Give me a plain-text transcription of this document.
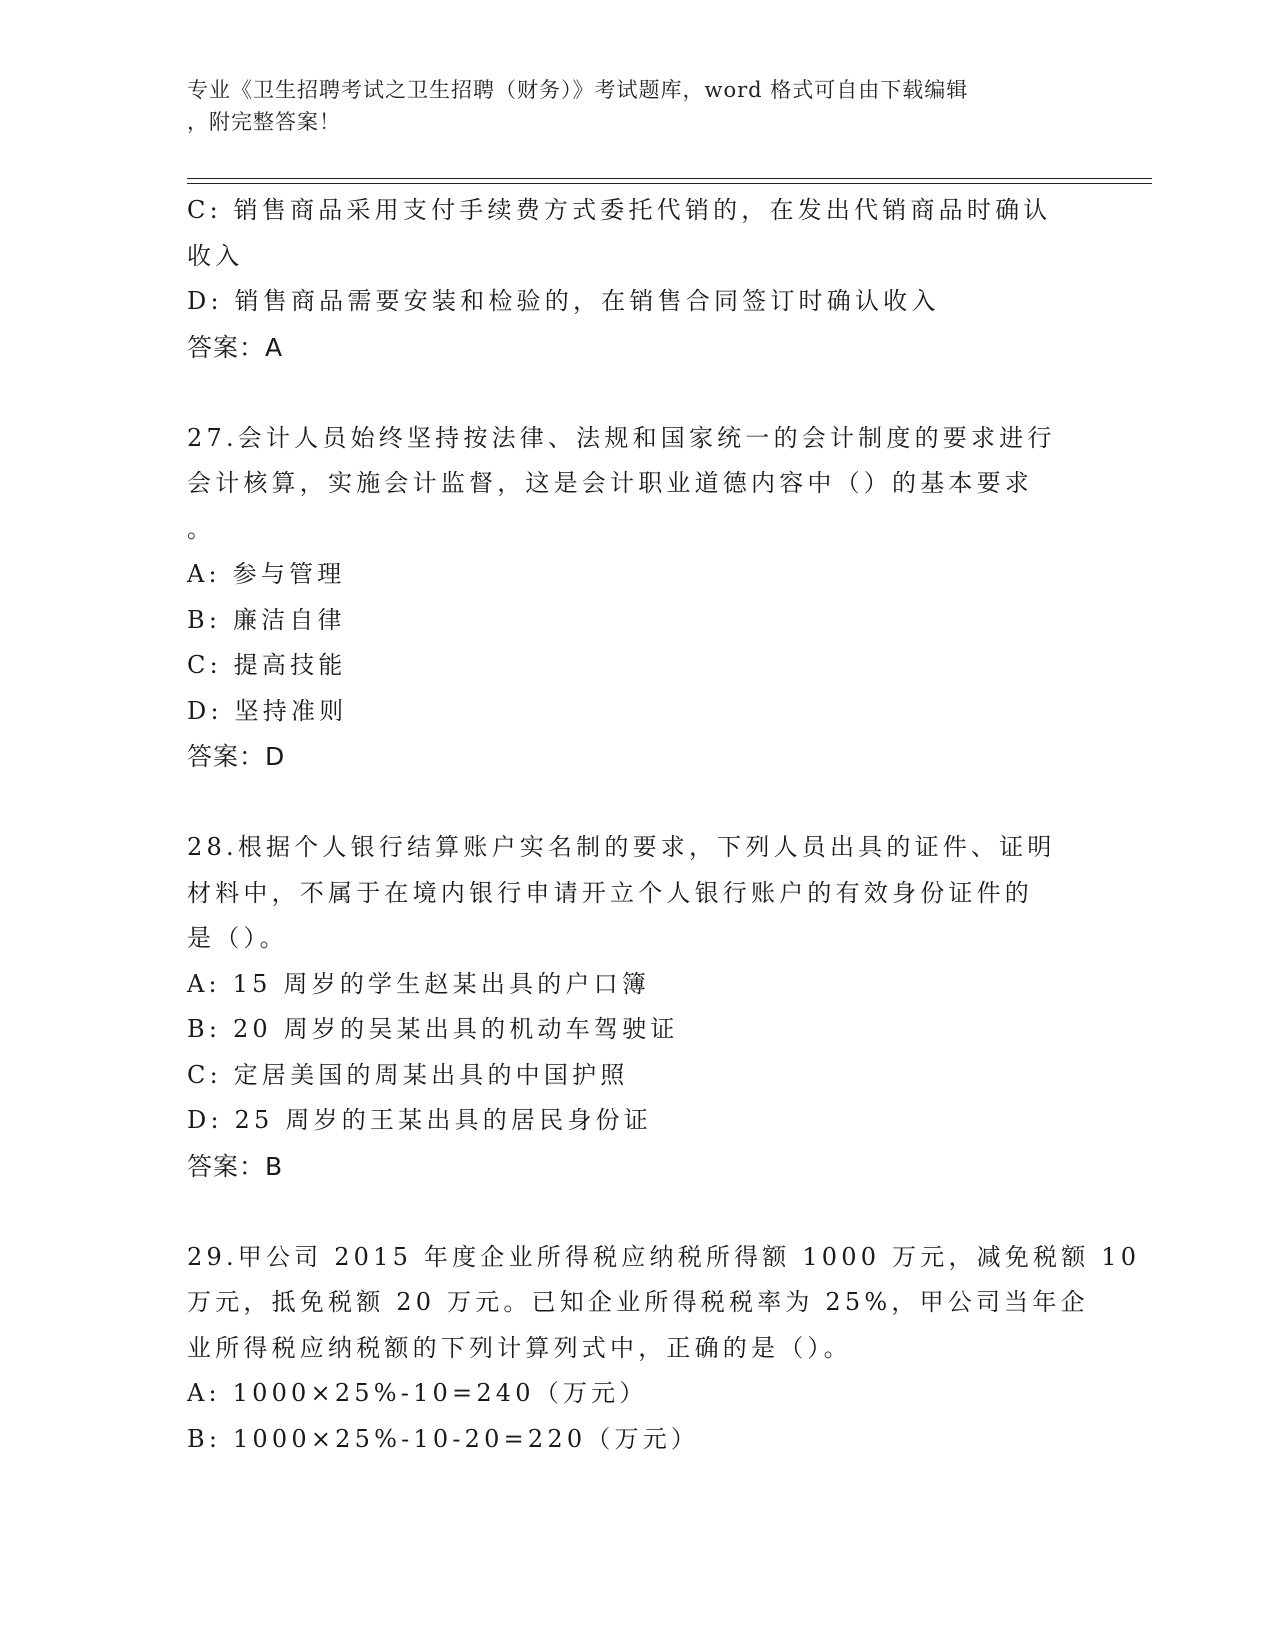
专业《卫生招聘考试之卫生招聘（财务）》考试题库，word 格式可自由下载编辑
，附完整答案！
C: 销售商品采用支付手续费方式委托代销的，在发出代销商品时确认
收入
D: 销售商品需要安装和检验的，在销售合同签订时确认收入
答案：A
27.会计人员始终坚持按法律、法规和国家统一的会计制度的要求进行
会计核算，实施会计监督，这是会计职业道德内容中（）的基本要求
。
A: 参与管理
B: 廉洁自律
C: 提高技能
D: 坚持准则
答案：D
28.根据个人银行结算账户实名制的要求，下列人员出具的证件、证明
材料中，不属于在境内银行申请开立个人银行账户的有效身份证件的
是（）。
A: 15 周岁的学生赵某出具的户口簿
B: 20 周岁的吴某出具的机动车驾驶证
C: 定居美国的周某出具的中国护照
D: 25 周岁的王某出具的居民身份证
答案：B
29.甲公司 2015 年度企业所得税应纳税所得额 1000 万元，减免税额 10
万元，抵免税额 20 万元。已知企业所得税税率为 25%，甲公司当年企
业所得税应纳税额的下列计算列式中，正确的是（）。
A: 1000×25%-10=240（万元）
B: 1000×25%-10-20=220（万元）
